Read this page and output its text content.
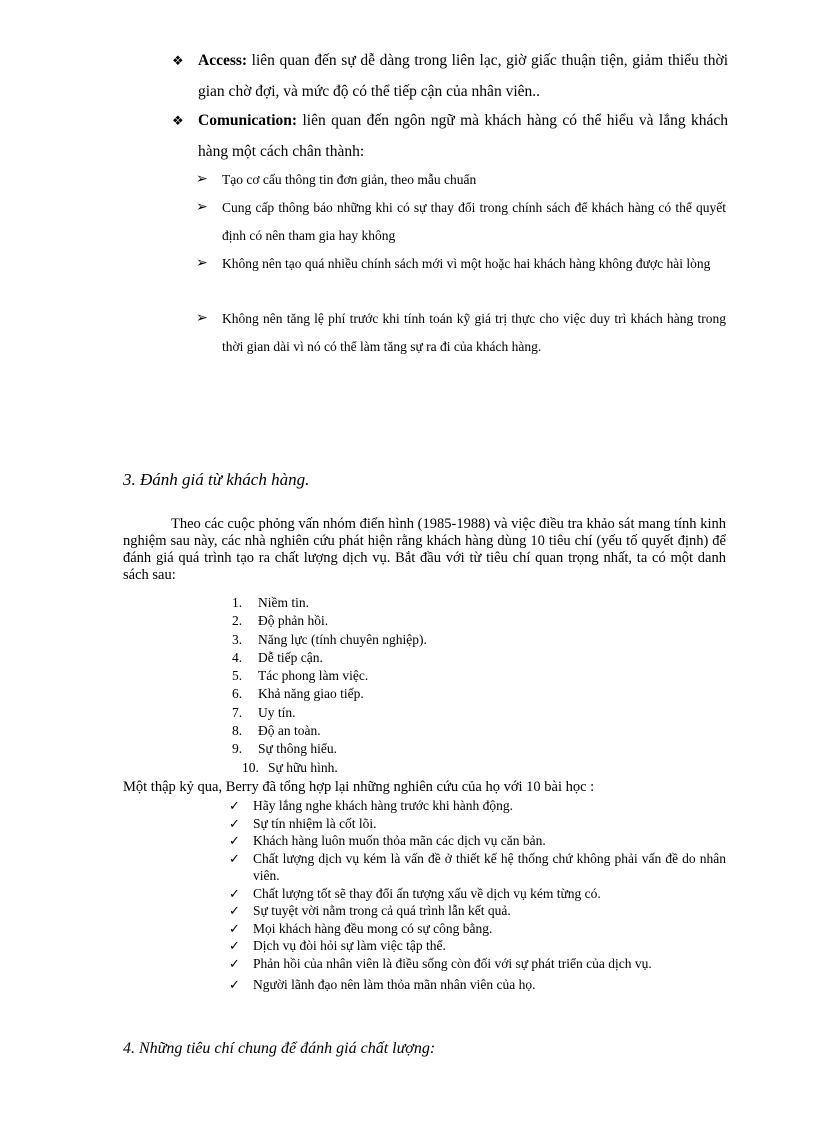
❖ Access: liên quan đến sự dễ dàng trong liên lạc, giờ giấc thuận tiện, giảm thiểu thời gian chờ đợi, và mức độ có thể tiếp cận của nhân viên..
❖ Comunication: liên quan đến ngôn ngữ mà khách hàng có thể hiểu và lắng khách hàng một cách chân thành:
➢	Tạo cơ cấu thông tin đơn giản, theo mẫu chuẩn
➢	Cung cấp thông báo những khi có sự thay đổi trong chính sách để khách hàng có thể quyết định có nên tham gia hay không
➢	Không nên tạo quá nhiều chính sách mới vì một hoặc hai khách hàng không được hài lòng
➢	Không nên tăng lệ phí trước khi tính toán kỹ giá trị thực cho việc duy trì khách hàng trong thời gian dài vì nó có thể làm tăng sự ra đi của khách hàng.
3. Đánh giá từ khách hàng.
Theo các cuộc phỏng vấn nhóm điển hình (1985-1988) và việc điều tra khảo sát mang tính kinh nghiệm sau này, các nhà nghiên cứu phát hiện rằng khách hàng dùng 10 tiêu chí (yếu tố quyết định) để đánh giá quá trình tạo ra chất lượng dịch vụ. Bắt đầu với từ tiêu chí quan trọng nhất, ta có một danh sách sau:
1. Niềm tin.
2. Độ phản hồi.
3. Năng lực (tính chuyên nghiệp).
4. Dễ tiếp cận.
5. Tác phong làm việc.
6. Khả năng giao tiếp.
7. Uy tín.
8. Độ an toàn.
9. Sự thông hiểu.
10. Sự hữu hình.
Một thập kỷ qua, Berry đã tổng hợp lại những nghiên cứu của họ với 10 bài học :
✓ Hãy lắng nghe khách hàng trước khi hành động.
✓ Sự tín nhiệm là cốt lõi.
✓ Khách hàng luôn muốn thỏa mãn các dịch vụ căn bản.
✓ Chất lượng dịch vụ kém là vấn đề ở thiết kế hệ thống chứ không phải vấn đề do nhân viên.
✓ Chất lượng tốt sẽ thay đổi ấn tượng xấu về dịch vụ kém từng có.
✓ Sự tuyệt vời nằm trong cả quá trình lẫn kết quả.
✓ Mọi khách hàng đều mong có sự công bằng.
✓ Dịch vụ đòi hỏi sự làm việc tập thể.
✓ Phản hồi của nhân viên là điều sống còn đối với sự phát triển của dịch vụ.
✓ Người lãnh đạo nên làm thỏa mãn nhân viên của họ.
4. Những tiêu chí chung để đánh giá chất lượng:
